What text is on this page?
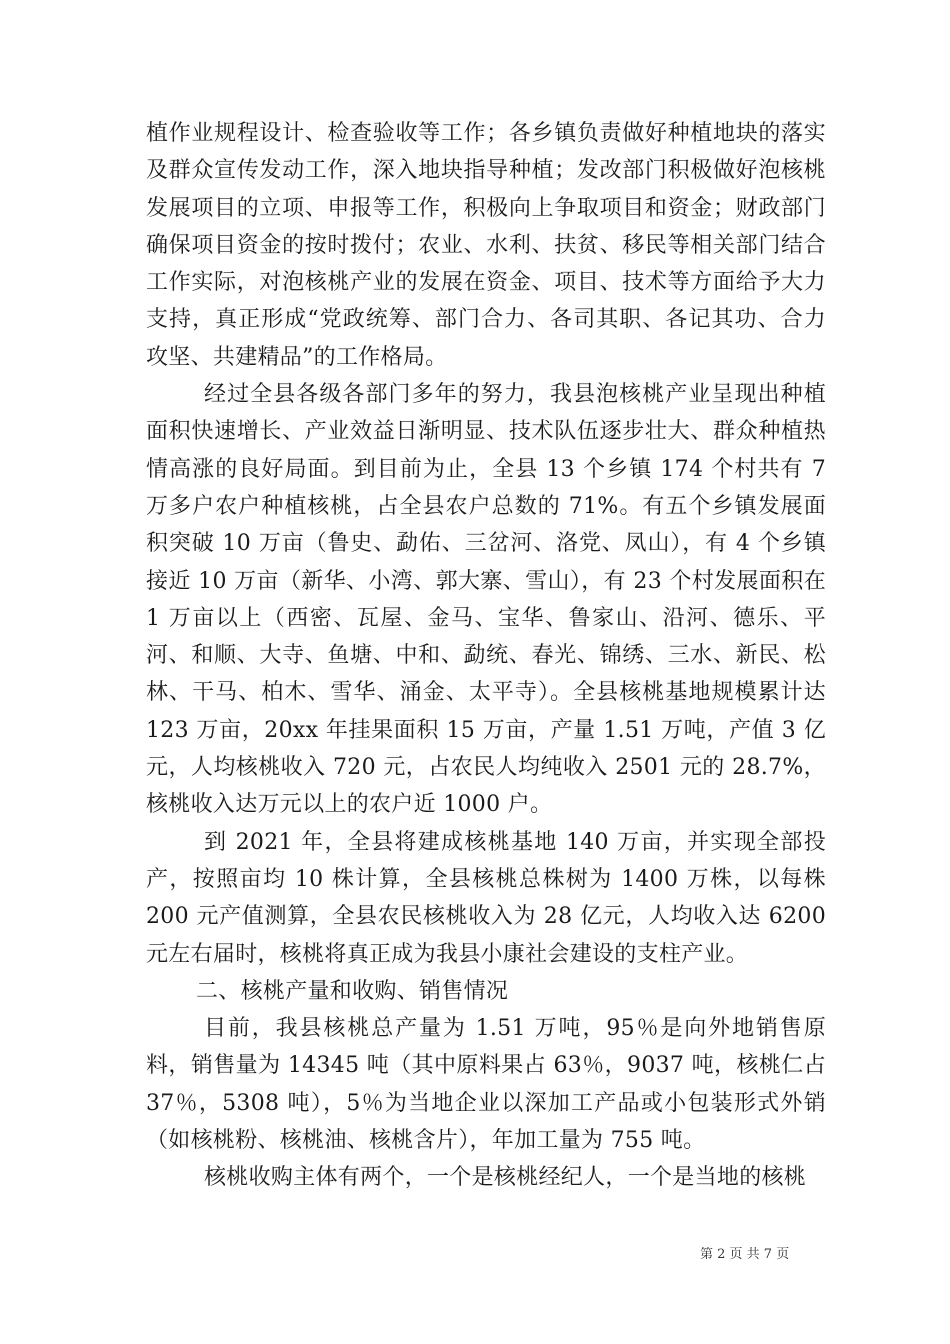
植作业规程设计、检查验收等工作；各乡镇负责做好种植地块的落实及群众宣传发动工作，深入地块指导种植；发改部门积极做好泡核桃发展项目的立项、申报等工作，积极向上争取项目和资金；财政部门确保项目资金的按时拨付；农业、水利、扶贫、移民等相关部门结合工作实际，对泡核桃产业的发展在资金、项目、技术等方面给予大力支持，真正形成“党政统筹、部门合力、各司其职、各记其功、合力攻坚、共建精品”的工作格局。

经过全县各级各部门多年的努力，我县泡核桃产业呈现出种植面积快速增长、产业效益日渐明显、技术队伍逐步壮大、群众种植热情高涨的良好局面。到目前为止，全县 13 个乡镇 174 个村共有 7 万多户农户种植核桃，占全县农户总数的 71%。有五个乡镇发展面积突破 10 万亩（鲁史、勐佑、三岔河、洛党、凤山），有 4 个乡镇接近 10 万亩（新华、小湾、郭大寨、雪山），有 23 个村发展面积在 1 万亩以上（西密、瓦屋、金马、宝华、鲁家山、沿河、德乐、平河、和顺、大寺、鱼塘、中和、勐统、春光、锦绣、三水、新民、松林、干马、柏木、雪华、涌金、太平寺）。全县核桃基地规模累计达 123 万亩，20xx 年挂果面积 15 万亩，产量 1.51 万吨，产值 3 亿元，人均核桃收入 720 元，占农民人均纯收入 2501 元的 28.7%，核桃收入达万元以上的农户近 1000 户。

到 2021 年，全县将建成核桃基地 140 万亩，并实现全部投产，按照亩均 10 株计算，全县核桃总株树为 1400 万株，以每株 200 元产值测算，全县农民核桃收入为 28 亿元，人均收入达 6200 元左右届时，核桃将真正成为我县小康社会建设的支柱产业。

二、核桃产量和收购、销售情况

目前，我县核桃总产量为 1.51 万吨，95％是向外地销售原料，销售量为 14345 吨（其中原料果占 63％，9037 吨，核桃仁占 37％，5308 吨），5％为当地企业以深加工产品或小包装形式外销（如核桃粉、核桃油、核桃含片），年加工量为 755 吨。

核桃收购主体有两个，一个是核桃经纪人，一个是当地的核桃

第 2 页 共 7 页
